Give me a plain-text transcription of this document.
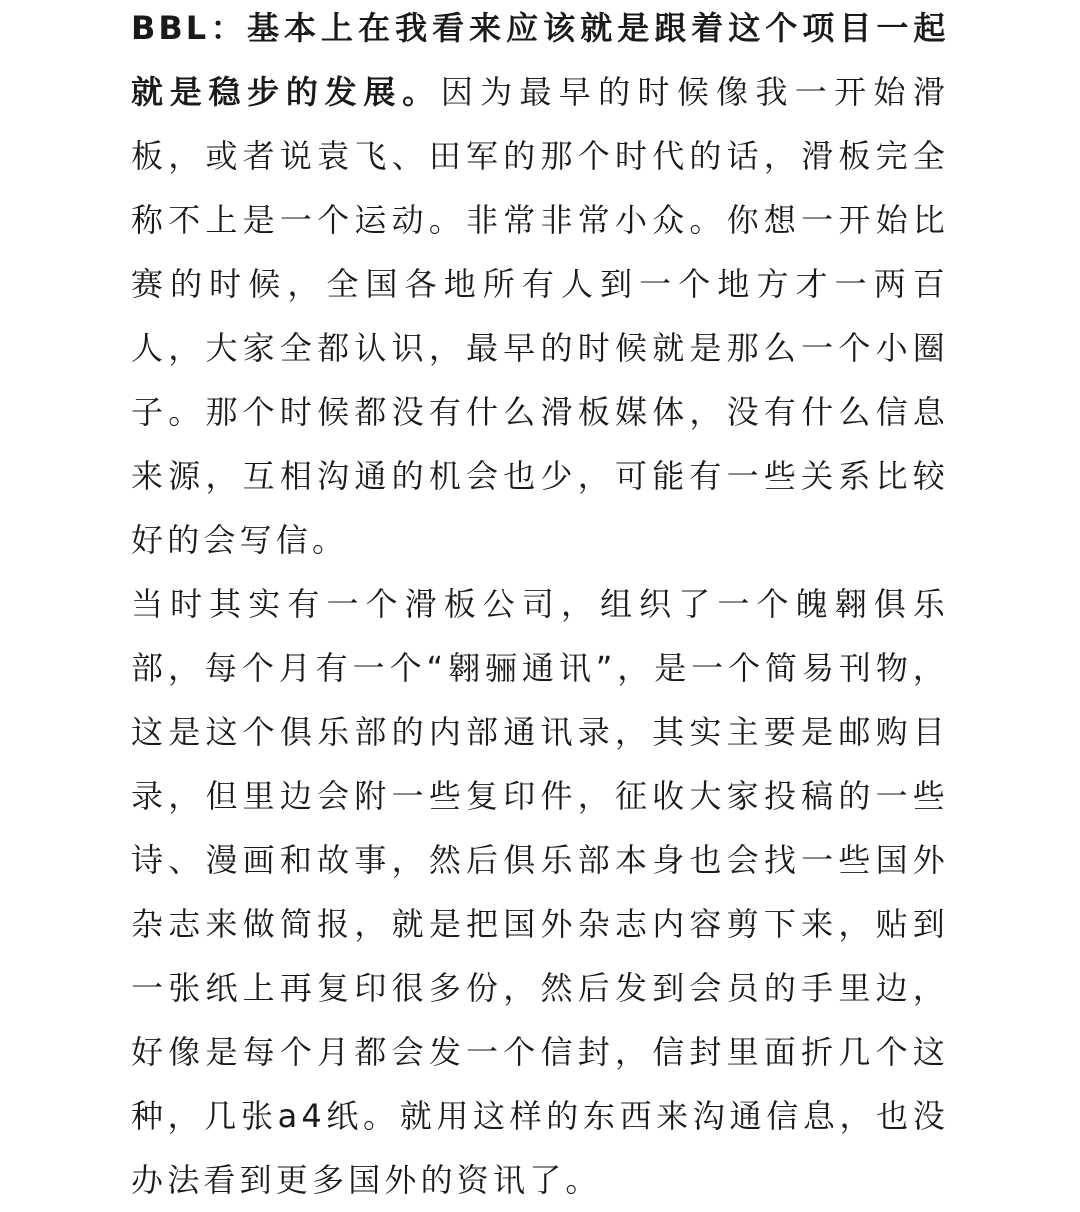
BBL：基本上在我看来应该就是跟着这个项目一起就是稳步的发展。因为最早的时候像我一开始滑板，或者说袁飞、田军的那个时代的话，滑板完全称不上是一个运动。非常非常小众。你想一开始比赛的时候，全国各地所有人到一个地方才一两百人，大家全都认识，最早的时候就是那么一个小圈子。那个时候都没有什么滑板媒体，没有什么信息来源，互相沟通的机会也少，可能有一些关系比较好的会写信。

当时其实有一个滑板公司，组织了一个魄翱俱乐部，每个月有一个“翱骊通讯”，是一个简易刊物，这是这个俱乐部的内部通讯录，其实主要是邮购目录，但里边会附一些复印件，征收大家投稿的一些诗、漫画和故事，然后俱乐部本身也会找一些国外杂志来做简报，就是把国外杂志内容剪下来，贴到一张纸上再复印很多份，然后发到会员的手里边，好像是每个月都会发一个信封，信封里面折几个这种，几张a4纸。就用这样的东西来沟通信息，也没办法看到更多国外的资讯了。
